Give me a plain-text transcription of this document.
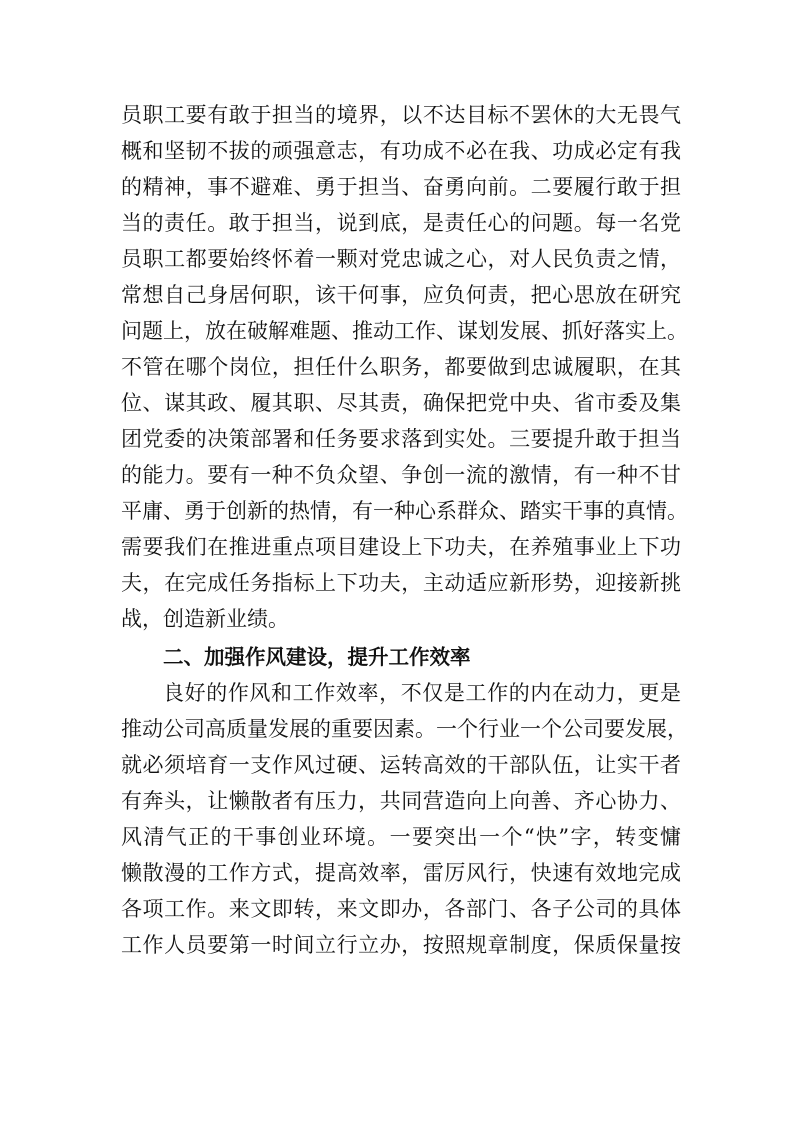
员职工要有敢于担当的境界，以不达目标不罢休的大无畏气
概和坚韧不拔的顽强意志，有功成不必在我、功成必定有我
的精神，事不避难、勇于担当、奋勇向前。二要履行敢于担
当的责任。敢于担当，说到底，是责任心的问题。每一名党
员职工都要始终怀着一颗对党忠诚之心，对人民负责之情，
常想自己身居何职，该干何事，应负何责，把心思放在研究
问题上，放在破解难题、推动工作、谋划发展、抓好落实上。
不管在哪个岗位，担任什么职务，都要做到忠诚履职，在其
位、谋其政、履其职、尽其责，确保把党中央、省市委及集
团党委的决策部署和任务要求落到实处。三要提升敢于担当
的能力。要有一种不负众望、争创一流的激情，有一种不甘
平庸、勇于创新的热情，有一种心系群众、踏实干事的真情。
需要我们在推进重点项目建设上下功夫，在养殖事业上下功
夫，在完成任务指标上下功夫，主动适应新形势，迎接新挑
战，创造新业绩。
二、加强作风建设，提升工作效率
良好的作风和工作效率，不仅是工作的内在动力，更是
推动公司高质量发展的重要因素。一个行业一个公司要发展，
就必须培育一支作风过硬、运转高效的干部队伍，让实干者
有奔头，让懒散者有压力，共同营造向上向善、齐心协力、
风清气正的干事创业环境。一要突出一个“快”字，转变慵
懒散漫的工作方式，提高效率，雷厉风行，快速有效地完成
各项工作。来文即转，来文即办，各部门、各子公司的具体
工作人员要第一时间立行立办，按照规章制度，保质保量按
